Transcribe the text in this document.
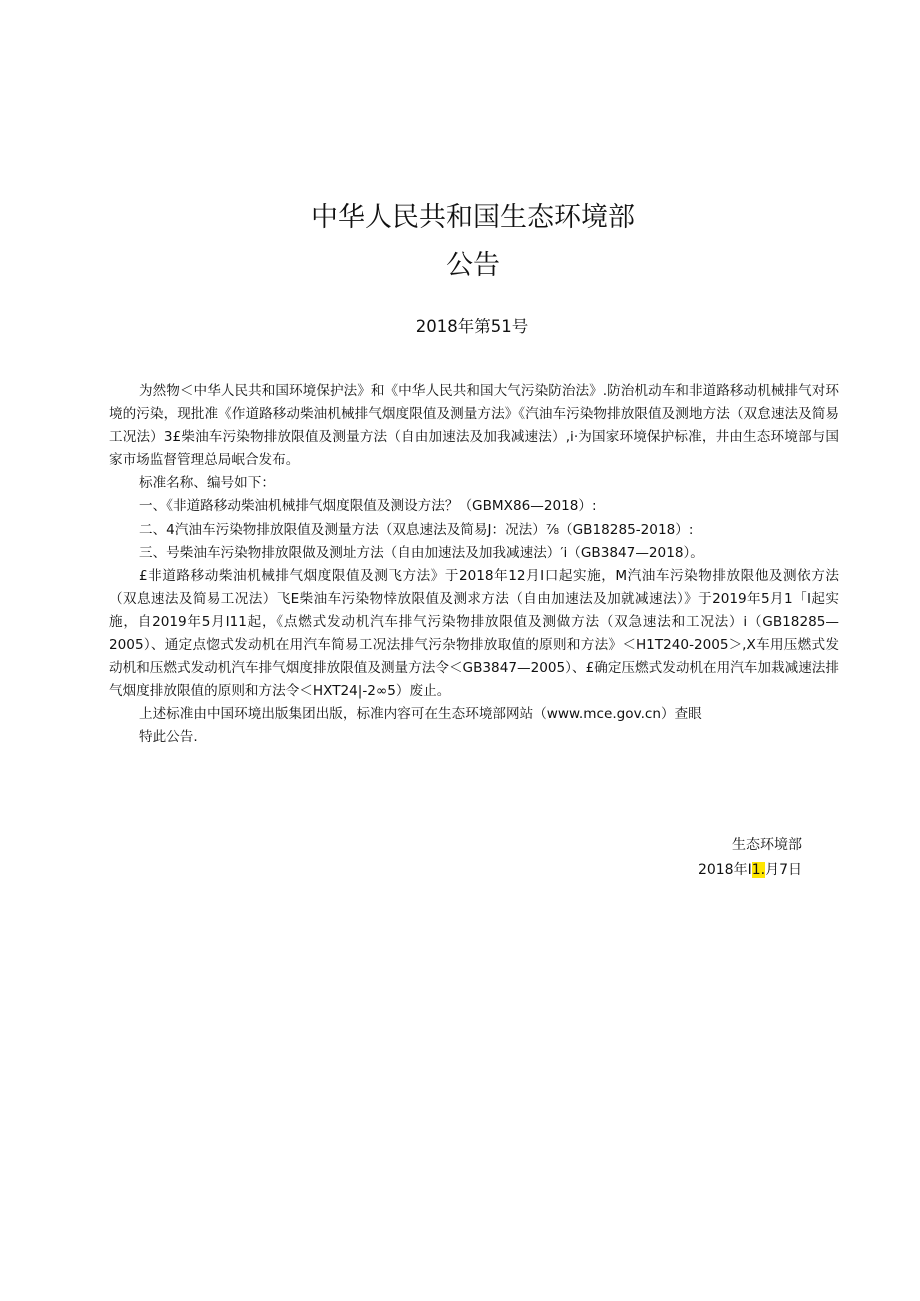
中华人民共和国生态环境部
公告
2018年第51号

为然物＜中华人民共和国环境保护法》和《中华人民共和国大气污染防治法》.防治机动车和非道路移动机械排气对环境的污染，现批准《作道路移动柴油机械排气烟度限值及测量方法》《汽油车污染物排放限值及测地方法（双怠速法及简易工况法）3£柴油车污染物排放限值及测量方法（自由加速法及加我减速法）,i·为国家环境保护标准，井由生态环境部与国家市场监督管理总局岷合发布。

标准名称、编号如下：

一、《非道路移动柴油机械排气烟度限值及测设方法？（GBMX86—2018）:

二、4汽油车污染物排放限值及测量方法（双息速法及简易J：况法）⅞（GB18285-2018）:

三、号柴油车污染物排放限做及测址方法（自由加速法及加我减速法）′i（GB3847—2018）。

£非道路移动柴油机械排气烟度限值及测飞方法》于2018年12月I口起实施，M汽油车污染物排放限他及测依方法（双息速法及简易工况法）飞E柴油车污染物悻放限值及测求方法（自由加速法及加就减速法）》于2019年5月1「I起实施，自2019年5月I11起，《点燃式发动机汽车排气污染物排放限值及测做方法（双急速法和工况法）i（GB18285—2005）、通定点惚式发动机在用汽车简易工况法排气污杂物排放取值的原则和方法》＜H1T240-2005＞,X车用压燃式发动机和压燃式发动机汽车排气烟度排放限值及测量方法令＜GB3847—2005）、£确定压燃式发动机在用汽车加栽减速法排气烟度排放限值的原则和方法令＜HXT24|-2∞5）废止。

上述标准由中国环境出版集团出版，标准内容可在生态环境部网站（www.mce.gov.cn）查眼

特此公告.

生态环境部
2018年I1.月7日
